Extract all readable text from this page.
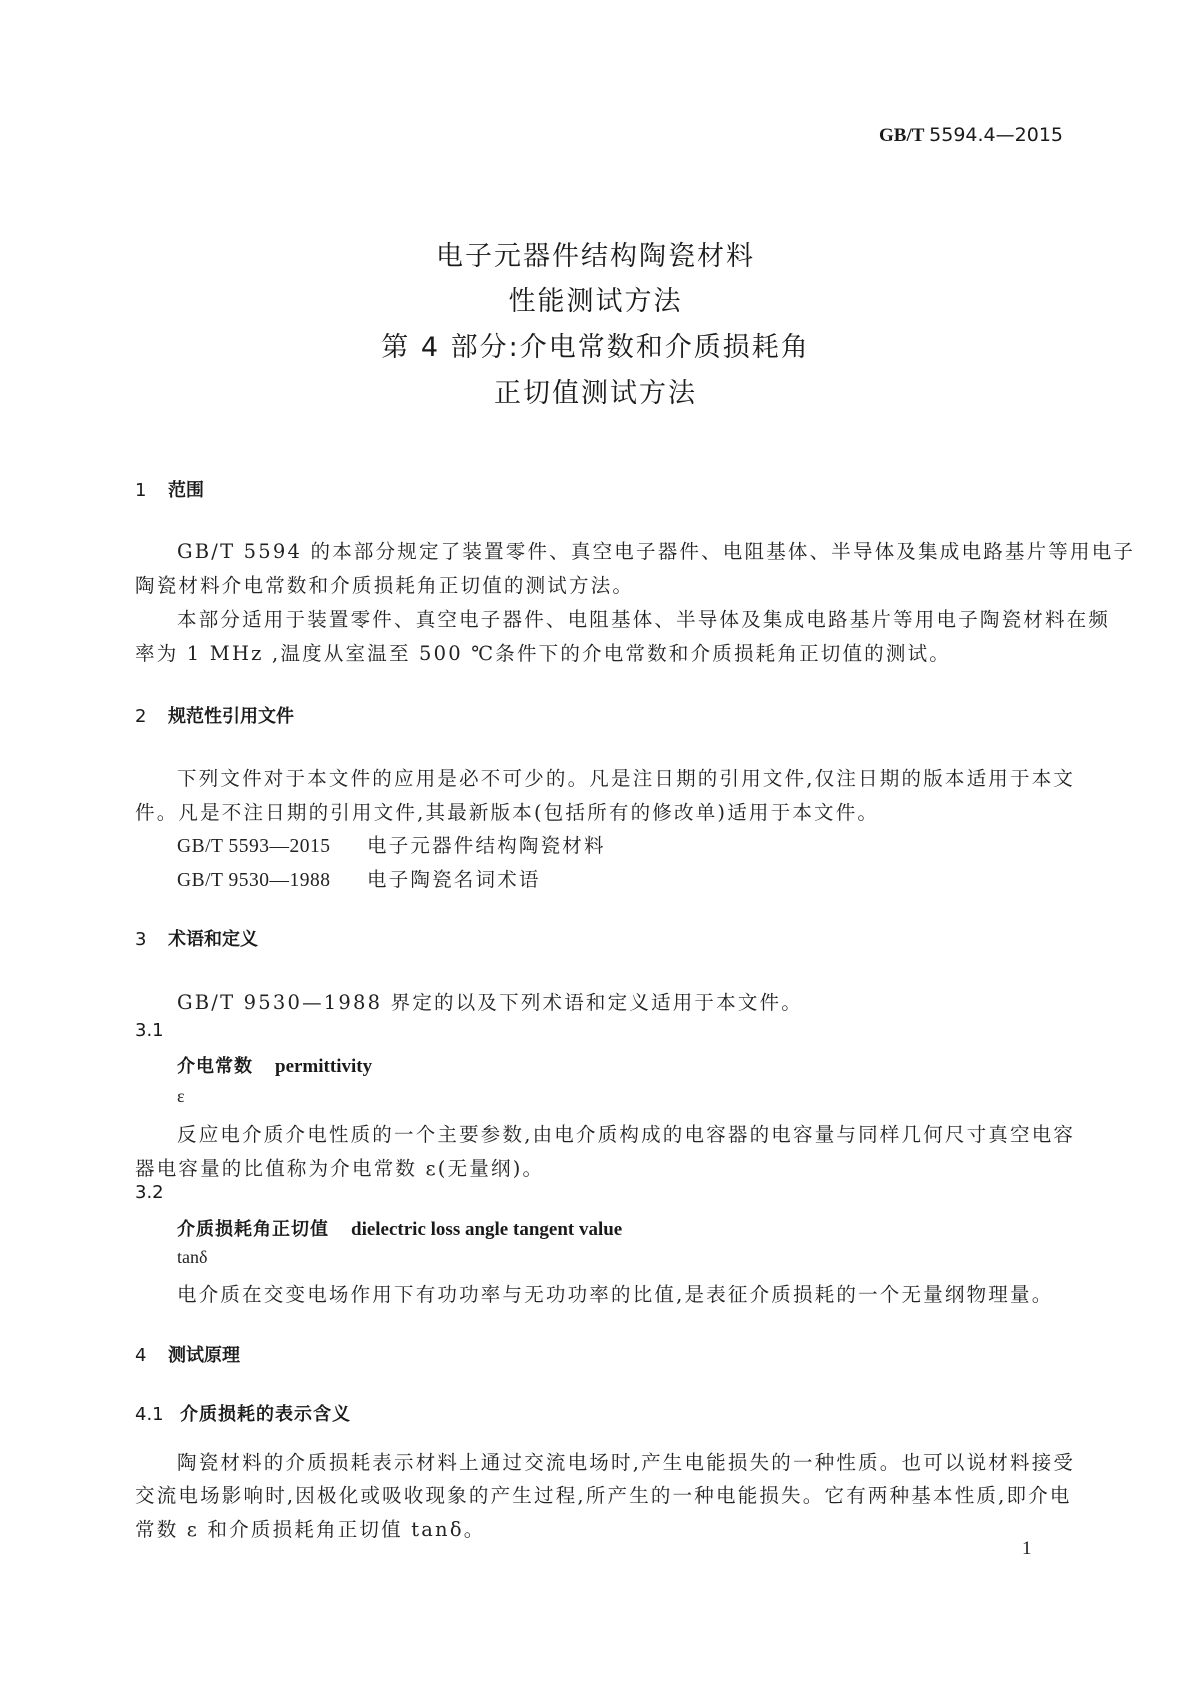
GB/T 5594.4—2015
电子元器件结构陶瓷材料
性能测试方法
第 4 部分:介电常数和介质损耗角
正切值测试方法
1 范围
GB/T 5594 的本部分规定了装置零件、真空电子器件、电阻基体、半导体及集成电路基片等用电子
陶瓷材料介电常数和介质损耗角正切值的测试方法。
本部分适用于装置零件、真空电子器件、电阻基体、半导体及集成电路基片等用电子陶瓷材料在频
率为 1 MHz ,温度从室温至 500 ℃条件下的介电常数和介质损耗角正切值的测试。
2 规范性引用文件
下列文件对于本文件的应用是必不可少的。凡是注日期的引用文件,仅注日期的版本适用于本文
件。凡是不注日期的引用文件,其最新版本(包括所有的修改单)适用于本文件。
GB/T 5593—2015 电子元器件结构陶瓷材料
GB/T 9530—1988 电子陶瓷名词术语
3 术语和定义
GB/T 9530—1988 界定的以及下列术语和定义适用于本文件。
3.1
介电常数 permittivity
ε
反应电介质介电性质的一个主要参数,由电介质构成的电容器的电容量与同样几何尺寸真空电容
器电容量的比值称为介电常数 ε(无量纲)。
3.2
介质损耗角正切值 dielectric loss angle tangent value
tanδ
电介质在交变电场作用下有功功率与无功功率的比值,是表征介质损耗的一个无量纲物理量。
4 测试原理
4.1 介质损耗的表示含义
陶瓷材料的介质损耗表示材料上通过交流电场时,产生电能损失的一种性质。也可以说材料接受
交流电场影响时,因极化或吸收现象的产生过程,所产生的一种电能损失。它有两种基本性质,即介电
常数 ε 和介质损耗角正切值 tanδ。
1
